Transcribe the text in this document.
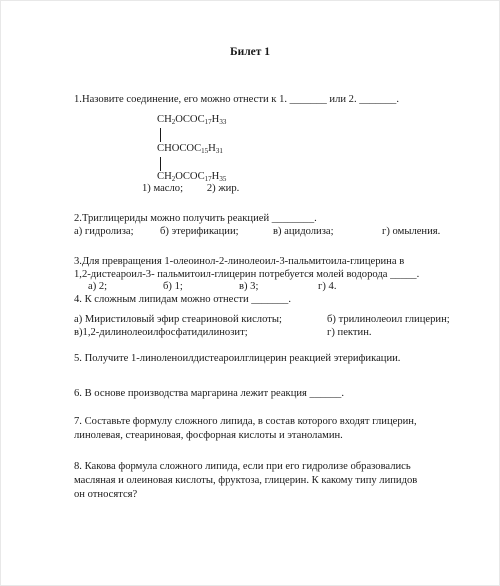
Билет 1
1.Назовите соединение, его можно отнести к 1. _______ или 2. _______.
$CH_2OCOC_{17}H_{33}$
$CHOCOC_{15}H_{31}$
$CH_2OCOC_{17}H_{35}$
1) масло;         2) жир.
2.Триглицериды можно получить реакцией ________.
а) гидролиза; б) этерификации;	в) ацидолиза;	г) омыления.
3.Для превращения 1-олеоинол-2-линолеоил-3-пальмитоила-глицерина в
1,2-дистеароил-3- пальмитоил-глицерин потребуется молей водорода _____.
а) 2;	б) 1;	в) 3;	г) 4.
4. К сложным липидам можно отнести _______.
а) Миристиловый эфир стеариновой кислоты;	б) трилинолеоил глицерин;
в)1,2-дилинолеоилфосфатидилинозит;	г) пектин.
5. Получите 1-линоленоилдистеароилглицерин реакцией этерификации.
6. В основе производства маргарина лежит реакция ______.
7. Составьте формулу сложного липида, в состав которого входят глицерин,
линолевая, стеариновая, фосфорная кислоты и этаноламин.
8. Какова формула сложного липида, если при его гидролизе образовались
масляная и олеиновая кислоты, фруктоза, глицерин. К какому типу липидов
он относятся?
